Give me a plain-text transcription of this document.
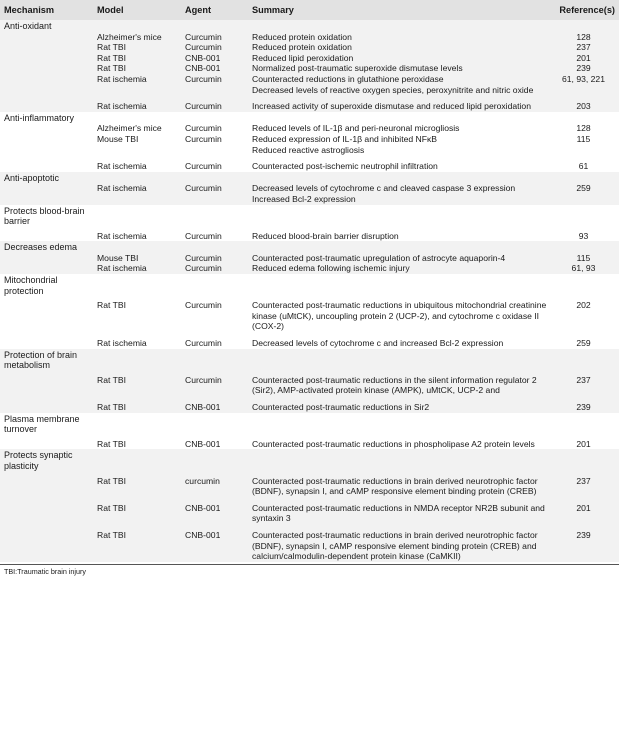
Mechanism	Model	Agent	Summary	Reference(s)

Anti-oxidant				

	Alzheimer's mice	Curcumin	Reduced protein oxidation	128
	Rat TBI	Curcumin	Reduced protein oxidation	237
	Rat TBI	CNB-001	Reduced lipid peroxidation	201
	Rat TBI	CNB-001	Normalized post-traumatic superoxide dismutase levels	239
	Rat ischemia	Curcumin	Counteracted reductions in glutathione peroxidase	61, 93, 221
			Decreased levels of reactive oxygen species, peroxynitrite and nitric oxide	
	Rat ischemia	Curcumin	Increased activity of superoxide dismutase and reduced lipid peroxidation	203

Anti-inflammatory				

	Alzheimer's mice	Curcumin	Reduced levels of IL-1β and peri-neuronal microgliosis	128
	Mouse TBI	Curcumin	Reduced expression of IL-1β and inhibited NFκB	115
			Reduced reactive astrogliosis	
	Rat ischemia	Curcumin	Counteracted post-ischemic neutrophil infiltration	61

Anti-apoptotic				

	Rat ischemia	Curcumin	Decreased levels of cytochrome c and cleaved caspase 3 expression	259
			Increased Bcl-2 expression	

Protects blood-brain barrier				

	Rat ischemia	Curcumin	Reduced blood-brain barrier disruption	93

Decreases edema				

	Mouse TBI	Curcumin	Counteracted post-traumatic upregulation of astrocyte aquaporin-4	115
	Rat ischemia	Curcumin	Reduced edema following ischemic injury	61, 93

Mitochondrial protection				

	Rat TBI	Curcumin	Counteracted post-traumatic reductions in ubiquitous mitochondrial creatinine kinase (uMtCK), uncoupling protein 2 (UCP-2), and cytochrome c oxidase II (COX-2)	202
	Rat ischemia	Curcumin	Decreased levels of cytochrome c and increased Bcl-2 expression	259

Protection of brain metabolism				

	Rat TBI	Curcumin	Counteracted post-traumatic reductions in the silent information regulator 2 (Sir2), AMP-activated protein kinase (AMPK), uMtCK, UCP-2 and	237
	Rat TBI	CNB-001	Counteracted post-traumatic reductions in Sir2	239

Plasma membrane turnover				

	Rat TBI	CNB-001	Counteracted post-traumatic reductions in phospholipase A2 protein levels	201

Protects synaptic plasticity				

	Rat TBI	curcumin	Counteracted post-traumatic reductions in brain derived neurotrophic factor (BDNF), synapsin I, and cAMP responsive element binding protein (CREB)	237
	Rat TBI	CNB-001	Counteracted post-traumatic reductions in NMDA receptor NR2B subunit and syntaxin 3	201
	Rat TBI	CNB-001	Counteracted post-traumatic reductions in brain derived neurotrophic factor (BDNF), synapsin I, cAMP responsive element binding protein (CREB) and calcium/calmodulin-dependent protein kinase (CaMKII)	239
TBI:Traumatic brain injury
